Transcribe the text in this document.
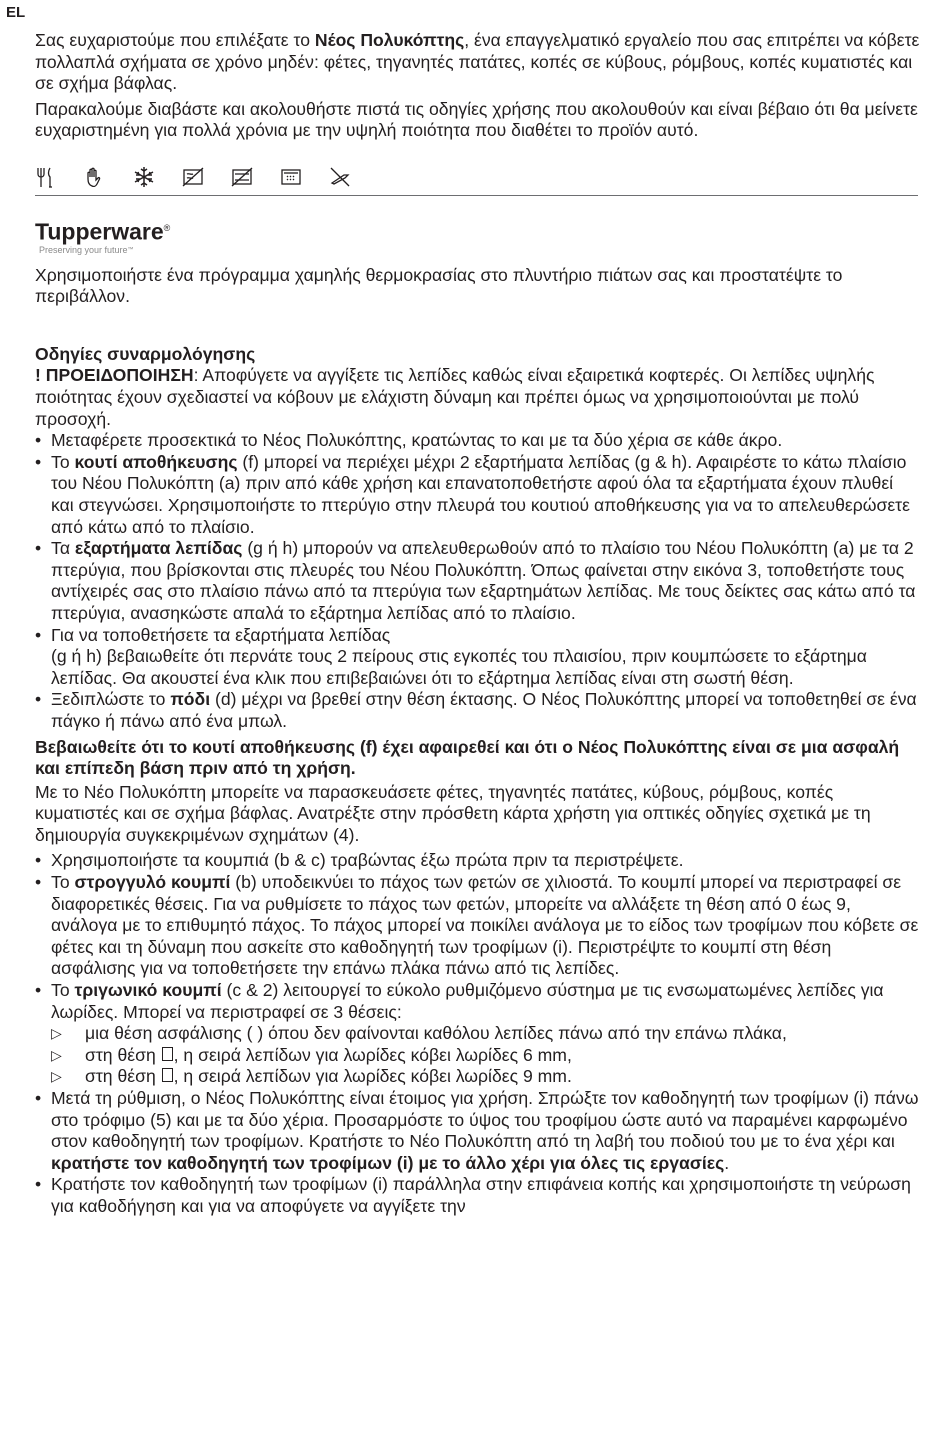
EL

Σας ευχαριστούμε που επιλέξατε το Νέος Πολυκόπτης, ένα επαγγελματικό εργαλείο που σας επιτρέπει να κόβετε πολλαπλά σχήματα σε χρόνο μηδέν: φέτες, τηγανητές πατάτες, κοπές σε κύβους, ρόμβους, κοπές κυματιστές και σε σχήμα βάφλας.

Παρακαλούμε διαβάστε και ακολουθήστε πιστά τις οδηγίες χρήσης που ακολουθούν και είναι βέβαιο ότι θα μείνετε ευχαριστημένη για πολλά χρόνια με την υψηλή ποιότητα που διαθέτει το προϊόν αυτό.

Tupperware®
Preserving your future™

Χρησιμοποιήστε ένα πρόγραμμα χαμηλής θερμοκρασίας στο πλυντήριο πιάτων σας και προστατέψτε το περιβάλλον.

Οδηγίες συναρμολόγησης

! ΠΡΟΕΙΔΟΠΟΙΗΣΗ: Αποφύγετε να αγγίξετε τις λεπίδες καθώς είναι εξαιρετικά κοφτερές. Οι λεπίδες υψηλής ποιότητας έχουν σχεδιαστεί να κόβουν με ελάχιστη δύναμη και πρέπει όμως να χρησιμοποιούνται με πολύ προσοχή.

• Μεταφέρετε προσεκτικά το Νέος Πολυκόπτης, κρατώντας το και με τα δύο χέρια σε κάθε άκρο.

• Το κουτί αποθήκευσης (f) μπορεί να περιέχει μέχρι 2 εξαρτήματα λεπίδας (g & h). Αφαιρέστε το κάτω πλαίσιο του Νέου Πολυκόπτη (a) πριν από κάθε χρήση και επανατοποθετήστε αφού όλα τα εξαρτήματα έχουν πλυθεί και στεγνώσει. Χρησιμοποιήστε το πτερύγιο στην πλευρά του κουτιού αποθήκευσης για να το απελευθερώσετε από κάτω από το πλαίσιο.

• Τα εξαρτήματα λεπίδας (g ή h) μπορούν να απελευθερωθούν από το πλαίσιο του Νέου Πολυκόπτη (a) με τα 2 πτερύγια, που βρίσκονται στις πλευρές του Νέου Πολυκόπτη. Όπως φαίνεται στην εικόνα 3, τοποθετήστε τους αντίχειρές σας στο πλαίσιο πάνω από τα πτερύγια των εξαρτημάτων λεπίδας. Με τους δείκτες σας κάτω από τα πτερύγια, ανασηκώστε απαλά το εξάρτημα λεπίδας από το πλαίσιο.

• Για να τοποθετήσετε τα εξαρτήματα λεπίδας
(g ή h) βεβαιωθείτε ότι περνάτε τους 2 πείρους στις εγκοπές του πλαισίου, πριν κουμπώσετε το εξάρτημα λεπίδας. Θα ακουστεί ένα κλικ που επιβεβαιώνει ότι το εξάρτημα λεπίδας είναι στη σωστή θέση.

• Ξεδιπλώστε το πόδι (d) μέχρι να βρεθεί στην θέση έκτασης. Ο Νέος Πολυκόπτης μπορεί να τοποθετηθεί σε ένα πάγκο ή πάνω από ένα μπωλ.

Βεβαιωθείτε ότι το κουτί αποθήκευσης (f) έχει αφαιρεθεί και ότι ο Νέος Πολυκόπτης είναι σε μια ασφαλή και επίπεδη βάση πριν από τη χρήση.

Με το Νέο Πολυκόπτη μπορείτε να παρασκευάσετε φέτες, τηγανητές πατάτες, κύβους, ρόμβους, κοπές κυματιστές και σε σχήμα βάφλας. Ανατρέξτε στην πρόσθετη κάρτα χρήστη για οπτικές οδηγίες σχετικά με τη δημιουργία συγκεκριμένων σχημάτων (4).

• Χρησιμοποιήστε τα κουμπιά (b & c) τραβώντας έξω πρώτα πριν τα περιστρέψετε.

• Το στρογγυλό κουμπί (b) υποδεικνύει το πάχος των φετών σε χιλιοστά. Το κουμπί μπορεί να περιστραφεί σε διαφορετικές θέσεις. Για να ρυθμίσετε το πάχος των φετών, μπορείτε να αλλάξετε τη θέση από 0 έως 9, ανάλογα με το επιθυμητό πάχος. Το πάχος μπορεί να ποικίλει ανάλογα με το είδος των τροφίμων που κόβετε σε φέτες και τη δύναμη που ασκείτε στο καθοδηγητή των τροφίμων (i). Περιστρέψτε το κουμπί στη θέση ασφάλισης για να τοποθετήσετε την επάνω πλάκα πάνω από τις λεπίδες.

• Το τριγωνικό κουμπί (c & 2) λειτουργεί το εύκολο ρυθμιζόμενο σύστημα με τις ενσωματωμένες λεπίδες για λωρίδες. Μπορεί να περιστραφεί σε 3 θέσεις:

▷ μια θέση ασφάλισης ( ) όπου δεν φαίνονται καθόλου λεπίδες πάνω από την επάνω πλάκα,

▷ στη θέση , η σειρά λεπίδων για λωρίδες κόβει λωρίδες 6 mm,

▷ στη θέση , η σειρά λεπίδων για λωρίδες κόβει λωρίδες 9 mm.

• Μετά τη ρύθμιση, ο Νέος Πολυκόπτης είναι έτοιμος για χρήση. Σπρώξτε τον καθοδηγητή των τροφίμων (i) πάνω στο τρόφιμο (5) και με τα δύο χέρια. Προσαρμόστε το ύψος του τροφίμου ώστε αυτό να παραμένει καρφωμένο στον καθοδηγητή των τροφίμων. Κρατήστε το Νέο Πολυκόπτη από τη λαβή του ποδιού του με το ένα χέρι και κρατήστε τον καθοδηγητή των τροφίμων (i) με το άλλο χέρι για όλες τις εργασίες.

• Κρατήστε τον καθοδηγητή των τροφίμων (i) παράλληλα στην επιφάνεια κοπής και χρησιμοποιήστε τη νεύρωση για καθοδήγηση και για να αποφύγετε να αγγίξετε την
